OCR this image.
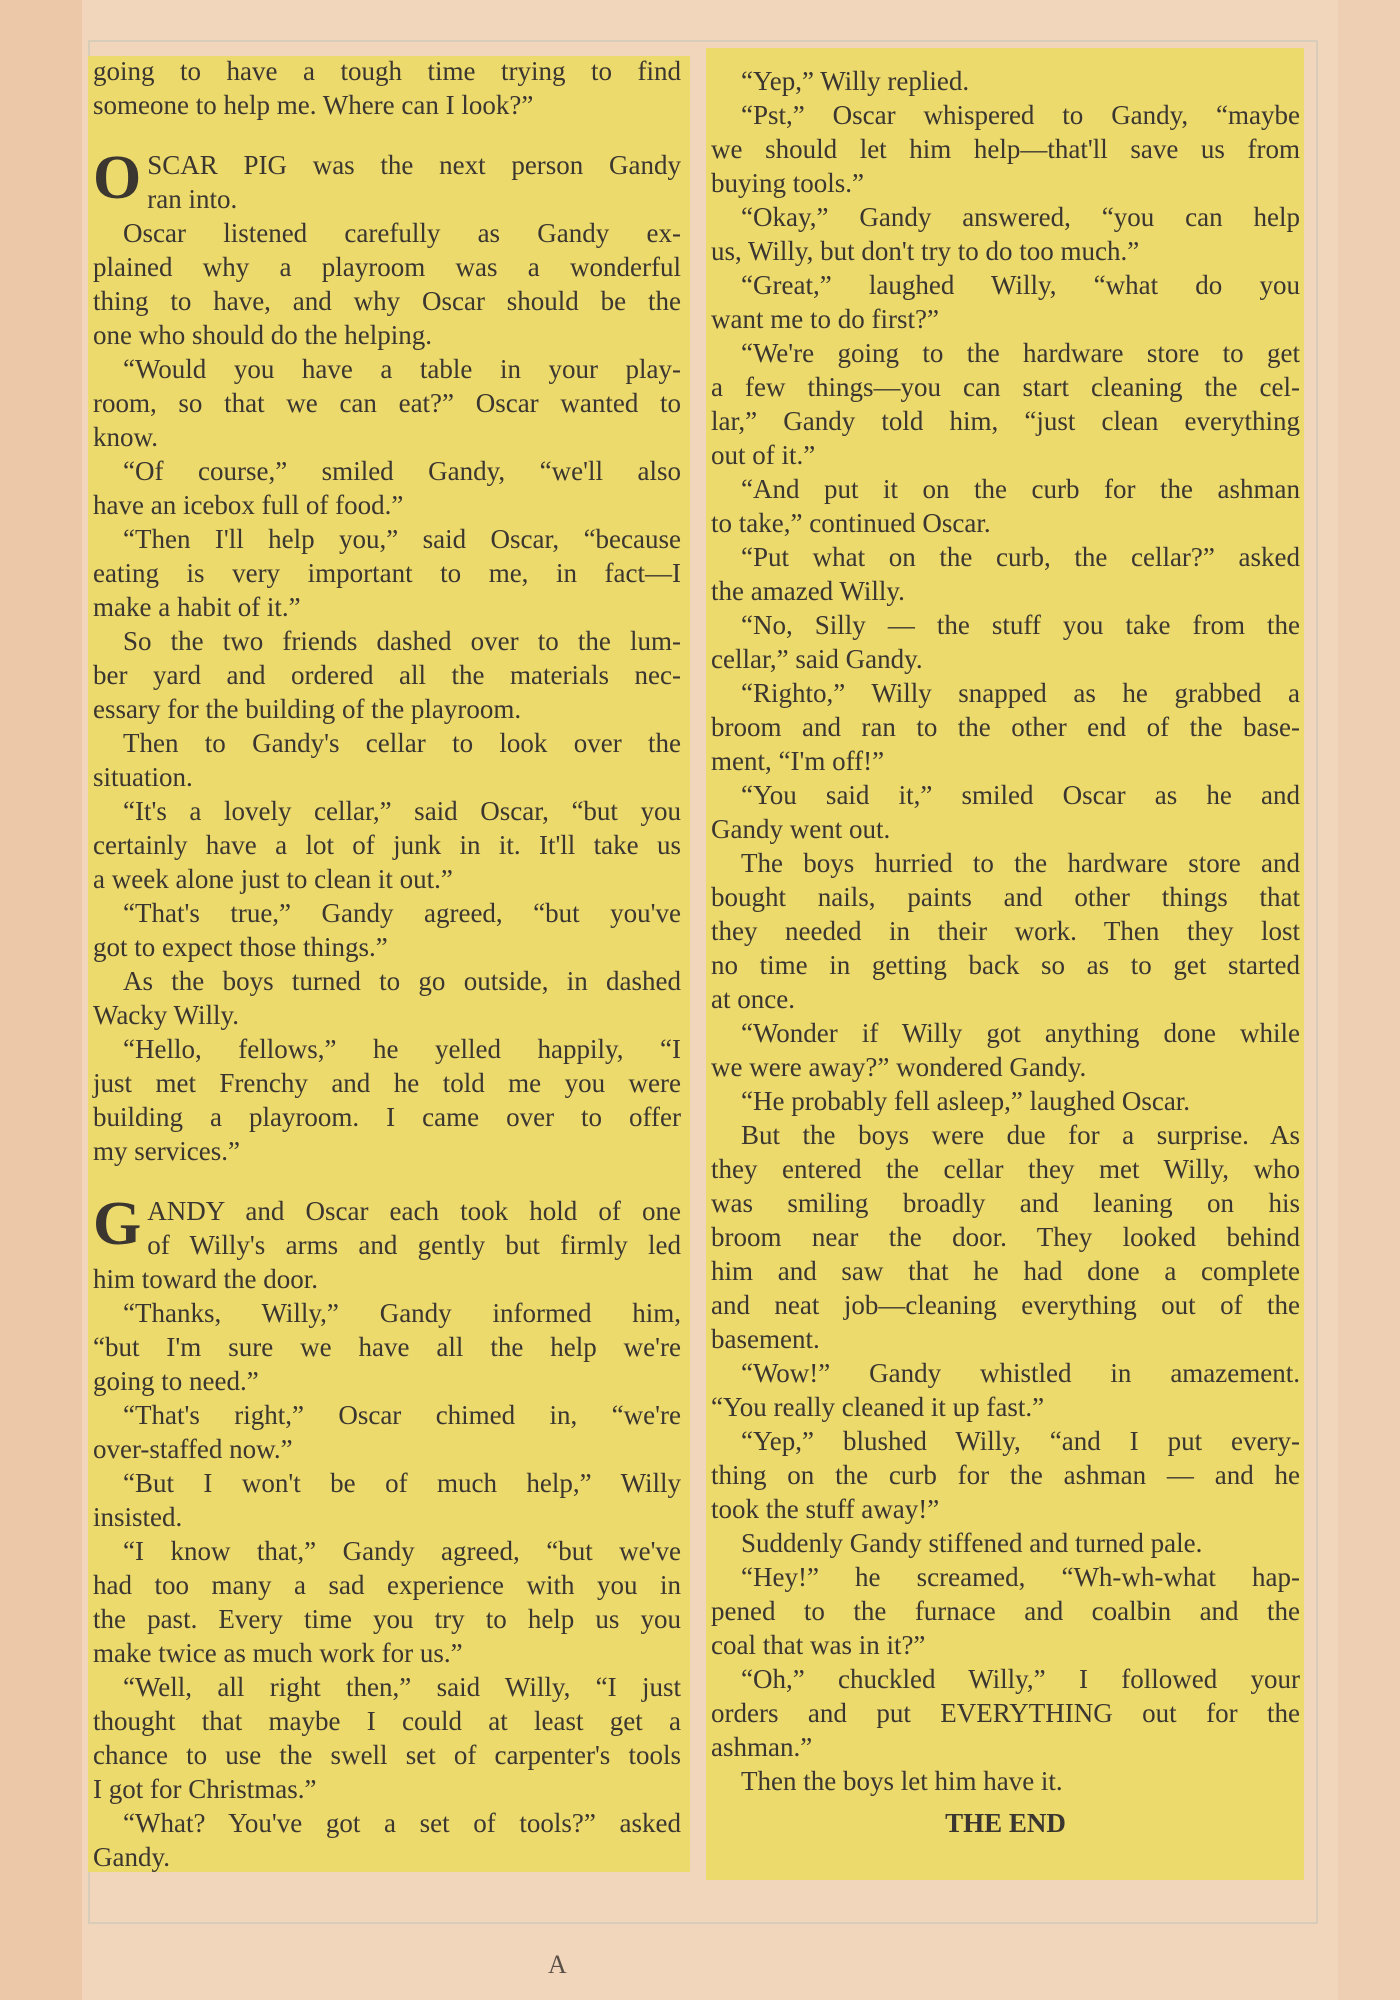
going to have a tough time trying to find
someone to help me. Where can I look?”
O SCAR PIG was the next person Gandy
ran into.
Oscar listened carefully as Gandy ex-
plained why a playroom was a wonderful
thing to have, and why Oscar should be the
one who should do the helping.
“Would you have a table in your play-
room, so that we can eat?” Oscar wanted to
know.
“Of course,” smiled Gandy, “we'll also
have an icebox full of food.”
“Then I'll help you,” said Oscar, “because
eating is very important to me, in fact—I
make a habit of it.”
So the two friends dashed over to the lum-
ber yard and ordered all the materials nec-
essary for the building of the playroom.
Then to Gandy's cellar to look over the
situation.
“It's a lovely cellar,” said Oscar, “but you
certainly have a lot of junk in it. It'll take us
a week alone just to clean it out.”
“That's true,” Gandy agreed, “but you've
got to expect those things.”
As the boys turned to go outside, in dashed
Wacky Willy.
“Hello, fellows,” he yelled happily, “I
just met Frenchy and he told me you were
building a playroom. I came over to offer
my services.”
G ANDY and Oscar each took hold of one
of Willy's arms and gently but firmly led
him toward the door.
“Thanks, Willy,” Gandy informed him,
“but I'm sure we have all the help we're
going to need.”
“That's right,” Oscar chimed in, “we're
over-staffed now.”
“But I won't be of much help,” Willy
insisted.
“I know that,” Gandy agreed, “but we've
had too many a sad experience with you in
the past. Every time you try to help us you
make twice as much work for us.”
“Well, all right then,” said Willy, “I just
thought that maybe I could at least get a
chance to use the swell set of carpenter's tools
I got for Christmas.”
“What? You've got a set of tools?” asked
Gandy.
“Yep,” Willy replied.
“Pst,” Oscar whispered to Gandy, “maybe
we should let him help—that'll save us from
buying tools.”
“Okay,” Gandy answered, “you can help
us, Willy, but don't try to do too much.”
“Great,” laughed Willy, “what do you
want me to do first?”
“We're going to the hardware store to get
a few things—you can start cleaning the cel-
lar,” Gandy told him, “just clean everything
out of it.”
“And put it on the curb for the ashman
to take,” continued Oscar.
“Put what on the curb, the cellar?” asked
the amazed Willy.
“No, Silly — the stuff you take from the
cellar,” said Gandy.
“Righto,” Willy snapped as he grabbed a
broom and ran to the other end of the base-
ment, “I'm off!”
“You said it,” smiled Oscar as he and
Gandy went out.
The boys hurried to the hardware store and
bought nails, paints and other things that
they needed in their work. Then they lost
no time in getting back so as to get started
at once.
“Wonder if Willy got anything done while
we were away?” wondered Gandy.
“He probably fell asleep,” laughed Oscar.
But the boys were due for a surprise. As
they entered the cellar they met Willy, who
was smiling broadly and leaning on his
broom near the door. They looked behind
him and saw that he had done a complete
and neat job—cleaning everything out of the
basement.
“Wow!” Gandy whistled in amazement.
“You really cleaned it up fast.”
“Yep,” blushed Willy, “and I put every-
thing on the curb for the ashman — and he
took the stuff away!”
Suddenly Gandy stiffened and turned pale.
“Hey!” he screamed, “Wh-wh-what hap-
pened to the furnace and coalbin and the
coal that was in it?”
“Oh,” chuckled Willy,” I followed your
orders and put EVERYTHING out for the
ashman.”
Then the boys let him have it.
THE END
A
